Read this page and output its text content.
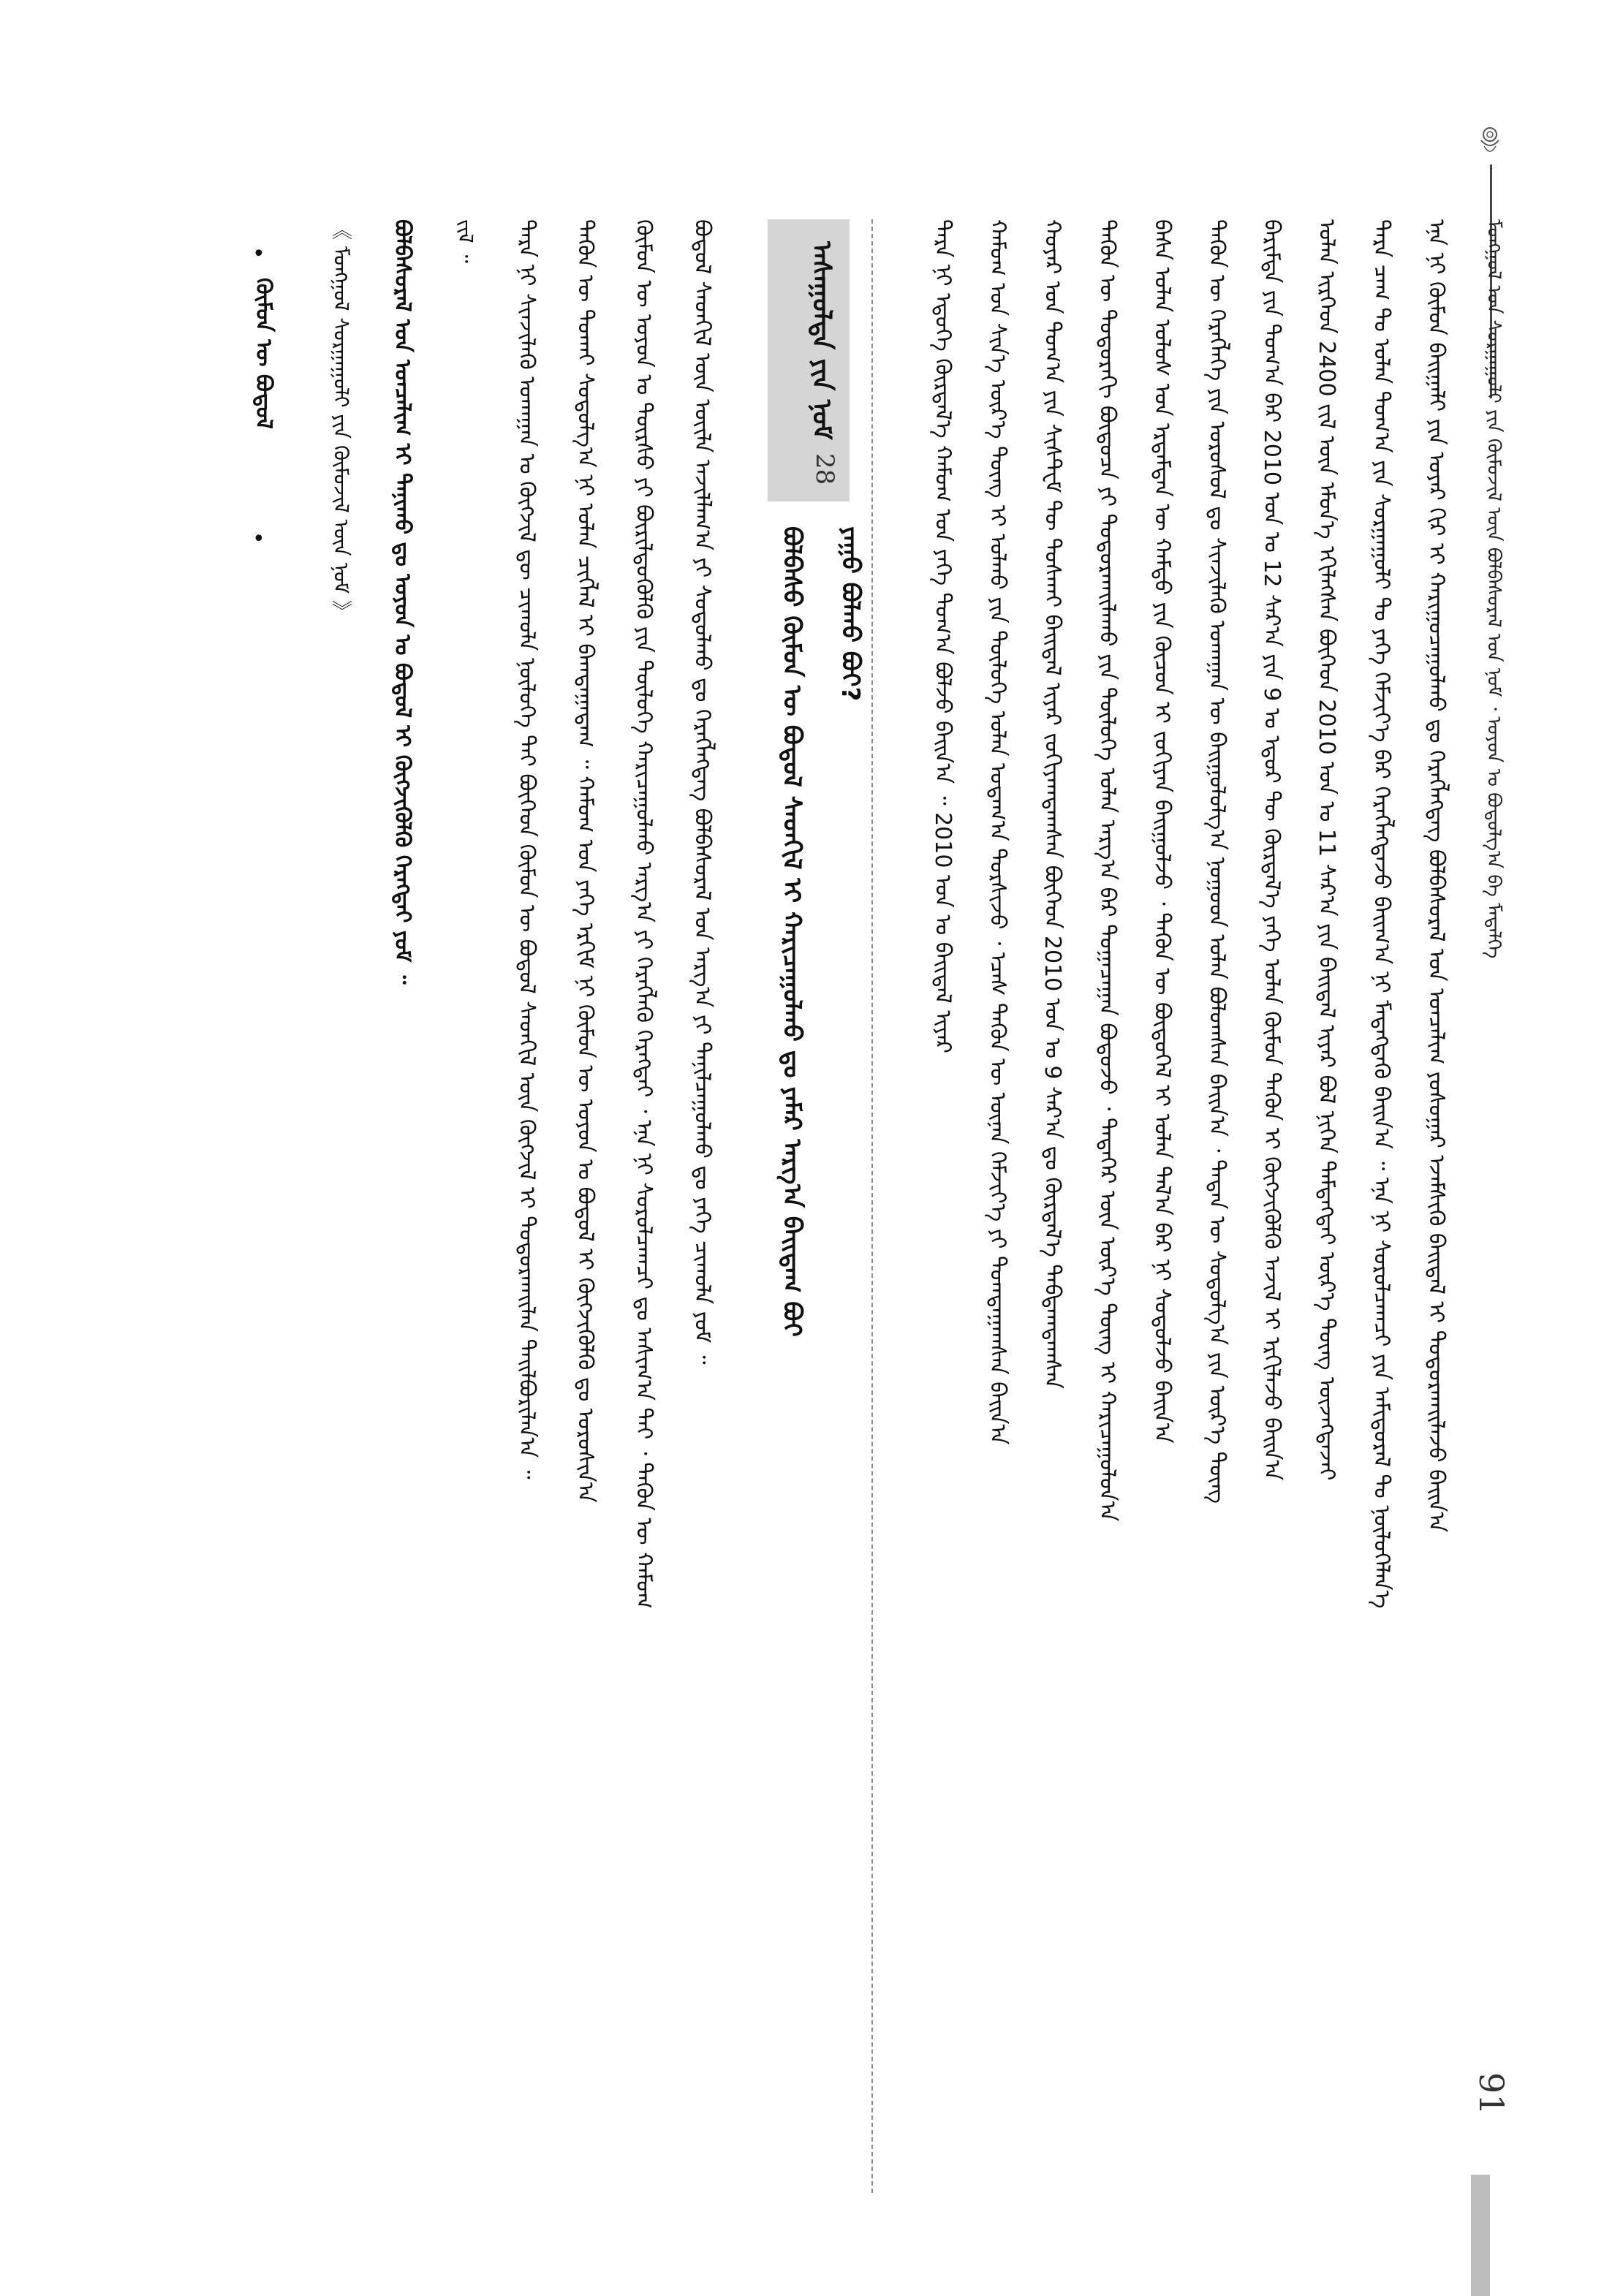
ᠮᠣᠩᠭᠣᠯ ᠤᠨ ᠰᠤᠷᠭᠠᠭᠤᠯᠢ ᠶᠢᠨ ᠬᠦᠮᠦᠵᠢᠯ ᠦᠨ ᠪᠣᠯᠪᠠᠰᠤᠷᠠᠯ ᠤᠨ ᠨᠣᠮ ᠂ ᠣᠶᠤᠨ ᠤ ᠪᠣᠳᠤᠯᠭ᠎ᠠ ᠪᠠ ᠮᠡᠳᠡᠯᠭᠡ
ᠡᠨᠡ ᠨᠢ ᠬᠦᠮᠦᠨ ᠪᠠᠢᠭᠠᠯᠢ ᠶᠢᠨ ᠤᠶᠠᠷ ᠬᠢᠷ ᠢ ᠬᠠᠷᠢᠭᠤᠴᠠᠭᠤᠯᠬᠤ ᠳᠤ ᠬᠡᠷᠡᠭᠯᠡᠭᠳᠡᠭ ᠪᠣᠯᠪᠠᠰᠤᠷᠠᠯ ᠤᠨ ᠣᠨᠴᠠᠯᠢᠭ ᠶᠣᠰᠤᠭᠠᠷ ᠡᠵᠡᠮᠰᠢᠬᠦ ᠪᠠᠢᠳᠠᠯ ᠢ ᠲᠣᠳᠣᠷᠬᠠᠢᠯᠠᠵᠤ ᠪᠠᠢᠨ᠎ᠠ
ᠲᠡᠷᠡ ᠴᠠᠭ ᠲᠤ ᠣᠯᠠᠨ ᠲᠣᠭ᠎ᠠ ᠶᠢᠨ ᠰᠤᠷᠭᠠᠭᠤᠯᠢ ᠲᠤ ᠶᠡᠬᠡ ᠬᠡᠮᠵᠢᠶ᠎ᠡ ᠪᠡᠷ ᠬᠡᠷᠡᠭᠯᠡᠭᠳᠡᠵᠦ ᠪᠠᠢᠭ᠎ᠠ ᠨᠢ ᠮᠡᠳᠡᠭᠳᠡᠬᠦ ᠪᠠᠢᠨ᠎ᠠ ᠃ ᠡᠨᠡ ᠨᠢ ᠰᠤᠷᠤᠯᠴᠠᠭᠴᠢ ᠶᠢᠨ ᠠᠮᠢᠳᠤᠷᠠᠯ ᠲᠤ ᠨᠦᠯᠦᠭᠡᠯᠡᠨ᠎ᠡ
ᠣᠯᠠᠨ ᠢᠷᠭᠡᠳ 2400 ᠵᠢᠯ ᠦᠨ ᠡᠮᠦᠨ᠎ᠡ ᠡᠬᠢᠯᠡᠭᠰᠡᠨ ᠪᠥᠭᠡᠳ 2010 ᠣᠨ ᠤ 11 ᠰᠠᠷ᠎ᠠ ᠶᠢᠨ ᠪᠠᠢᠳᠠᠯ ᠢᠶᠠᠷ ᠪᠣᠯ ᠨᠢᠭᠡᠨ ᠲᠡᠮᠳᠡᠭᠲᠡᠢ ᠦᠷ᠎ᠡ ᠳᠦᠩ ᠦᠵᠡᠭᠳᠡᠵᠡᠢ
ᠪᠠᠷᠢᠮᠲᠠ ᠶᠢᠨ ᠲᠣᠭ᠎ᠠ ᠪᠡᠷ 2010 ᠣᠨ ᠤ 12 ᠰᠠᠷ᠎ᠠ ᠶᠢᠨ 9 ᠤ ᠡᠳᠦᠷ ᠲᠦ ᠬᠦᠷᠲᠡᠯ᠎ᠡ ᠶᠡᠬᠡ ᠣᠯᠠᠨ ᠬᠦᠮᠦᠨ ᠲᠡᠭᠦᠨ ᠢ ᠬᠥᠭᠵᠢᠭᠦᠯᠬᠦ ᠠᠵᠢᠯ ᠢ ᠡᠷᠬᠢᠯᠡᠵᠦ ᠪᠠᠢᠨ᠎ᠠ
ᠲᠡᠭᠦᠨ ᠦ ᠬᠡᠷᠡᠭᠯᠡᠭᠡ ᠶᠢᠨ ᠤᠷᠤᠰᠤᠯ ᠳᠤ ᠰᠢᠨᠵᠢᠯᠡᠬᠦ ᠤᠬᠠᠭᠠᠨ ᠦ ᠪᠠᠢᠭᠤᠯᠤᠯᠭ᠎ᠠ ᠨᠤᠭᠤᠳ ᠣᠯᠠᠨ ᠪᠣᠯᠤᠭᠰᠠᠨ ᠪᠠᠢᠨ᠎ᠠ ᠂ ᠲᠡᠳᠡᠨ ᠦ ᠰᠤᠳᠤᠯᠭ᠎ᠠ ᠶᠢᠨ ᠦᠷ᠎ᠡ ᠳᠦᠩ
ᠪᠠᠰᠠ ᠣᠯᠠᠨ ᠤᠯᠤᠰ ᠤᠨ ᠡᠷᠳᠡᠮᠲᠡᠨ ᠦ ᠬᠠᠮᠲᠤ ᠶᠢᠨ ᠬᠦᠴᠦᠨ ᠢ ᠵᠣᠬᠢᠶᠠᠨ ᠪᠠᠢᠭᠤᠯᠵᠤ ᠂ ᠲᠡᠭᠦᠨ ᠦ ᠪᠦᠲᠦᠭᠡᠯ ᠢ ᠣᠯᠠᠨ ᠲᠠᠯ᠎ᠠ ᠪᠠᠷ ᠨᠢ ᠰᠤᠳᠤᠯᠵᠤ ᠪᠠᠢᠨ᠎ᠠ
ᠲᠡᠭᠦᠨ ᠦ ᠳᠣᠲᠣᠷᠠᠬᠢ ᠪᠦᠲᠦᠴᠡ ᠶᠢ ᠲᠣᠳᠣᠷᠬᠠᠢᠯᠠᠬᠤ ᠶᠢᠨ ᠲᠥᠯᠦᠭᠡ ᠣᠯᠠᠨ ᠠᠷᠭ᠎ᠠ ᠪᠠᠷ ᠲᠣᠭᠠᠴᠠᠭᠠᠨ ᠪᠣᠳᠣᠵᠤ ᠂ ᠲᠡᠳᠡᠭᠡᠷ ᠦᠨ ᠦᠷ᠎ᠡ ᠳᠦᠩ ᠢ ᠬᠠᠷᠢᠴᠠᠭᠤᠯᠤᠨ᠎ᠠ
ᠬᠣᠶᠠᠷ ᠤᠨ ᠲᠣᠭ᠎ᠠ ᠶᠢᠨ ᠰᠢᠰᠲ᠋ᠧᠮ ᠲᠦ ᠲᠤᠰᠬᠠᠢ ᠪᠠᠢᠳᠠᠯ ᠢᠶᠠᠷ ᠵᠣᠬᠢᠶᠠᠭᠳᠠᠭᠰᠠᠨ ᠪᠥᠭᠡᠳ 2010 ᠣᠨ ᠤ 9 ᠰᠠᠷ᠎ᠠ ᠳᠤ ᠬᠦᠷᠲᠡᠯ᠎ᠡ ᠳᠠᠪᠲᠠᠭᠳᠠᠭᠰᠠᠨ
ᠬᠠᠮᠤᠭ ᠤᠨ ᠰᠢᠨ᠎ᠡ ᠦᠷ᠎ᠡ ᠳᠦᠩ ᠢ ᠣᠯᠬᠤ ᠶᠢᠨ ᠲᠥᠯᠦᠭᠡ ᠣᠯᠠᠨ ᠤᠳᠠᠭ᠎ᠠ ᠲᠤᠷᠰᠢᠵᠤ ᠂ ᠡᠴᠡᠰ ᠲᠡᠭᠦᠨ ᠦ ᠦᠨᠡᠨ ᠬᠡᠮᠵᠢᠶ᠎ᠡ ᠶᠢ ᠲᠣᠭᠲᠠᠭᠠᠭᠰᠠᠨ ᠪᠠᠢᠨ᠎ᠠ
ᠲᠡᠷᠡ ᠨᠢ ᠡᠳᠦᠭᠡ ᠬᠦᠷᠲᠡᠯ᠎ᠡ ᠬᠠᠮᠤᠭ ᠤᠨ ᠶᠡᠬᠡ ᠲᠣᠭ᠎ᠠ ᠪᠣᠯᠵᠤ ᠪᠠᠢᠨ᠎ᠠ ᠃ 2010 ᠣᠨ ᠤ ᠪᠠᠢᠳᠠᠯ ᠢᠶᠠᠷ
ᠠᠰᠠᠭᠤᠯᠲᠠ ᠶᠢᠨ ᠨᠣᠮ
28
ᠪᠣᠯᠪᠠᠰᠤ ᠬᠦᠮᠦᠨ ᠦ ᠪᠣᠳᠣᠯ ᠰᠡᠳᠬᠢᠯ ᠢ ᠬᠠᠷᠢᠴᠠᠭᠤᠯᠬᠤ ᠳᠤ ᠶᠠᠮᠠᠷ ᠠᠷᠭ᠎ᠠ ᠪᠠᠢᠳᠠᠭ ᠪᠤᠢ	ᠶᠠᠭᠤ ᠪᠣᠯᠬᠤ ᠪᠤᠢ?
ᠪᠣᠳᠣᠯ ᠰᠡᠳᠬᠢᠯ ᠦᠨ ᠦᠢᠯᠡ ᠠᠵᠢᠯᠯᠠᠭ᠎ᠠ ᠶᠢ ᠰᠤᠳᠤᠯᠬᠤ ᠳᠤ ᠬᠡᠷᠡᠭᠯᠡᠭᠳᠡᠭ ᠪᠣᠯᠪᠠᠰᠤᠷᠠᠯ ᠤᠨ ᠠᠷᠭ᠎ᠠ ᠶᠢ ᠲᠠᠨᠢᠯᠴᠠᠭᠤᠯᠬᠤ ᠳᠤ ᠶᠡᠬᠡ ᠴᠢᠬᠤᠯᠠ ᠶᠤᠮ ᠃
ᠬᠦᠮᠦᠨ ᠦ ᠣᠶᠤᠨ ᠤ ᠳᠦᠷᠰᠦ ᠶᠢ ᠪᠦᠷᠢᠯᠳᠦᠭᠦᠯᠬᠦ ᠶᠢᠨ ᠲᠥᠯᠦᠭᠡ ᠬᠠᠷᠢᠴᠠᠭᠤᠯᠬᠤ ᠠᠷᠭ᠎ᠠ ᠶᠢ ᠬᠡᠷᠡᠭᠯᠡᠬᠦ ᠬᠡᠷᠡᠭᠲᠡᠢ ᠂ ᠡᠨᠡ ᠨᠢ ᠰᠤᠷᠤᠯᠴᠠᠭᠴᠢ ᠳᠤ ᠠᠰᠢᠭ᠎ᠠ ᠲᠠᠢ ᠂ ᠲᠡᠭᠦᠨ ᠦ ᠬᠠᠮᠤᠭ
ᠲᠡᠭᠦᠨ ᠦ ᠲᠤᠬᠠᠢ ᠰᠤᠳᠤᠯᠭ᠎ᠠ ᠨᠢ ᠣᠯᠠᠨ ᠴᠢᠭᠯᠡᠯ ᠢ ᠪᠠᠭᠳᠠᠭᠠᠳᠠᠭ ᠃ ᠬᠠᠮᠤᠭ ᠤᠨ ᠶᠡᠬᠡ ᠡᠷᠬᠢᠮ ᠨᠢ ᠬᠦᠮᠦᠨ ᠦ ᠣᠶᠤᠨ ᠤ ᠪᠣᠳᠣᠯ ᠢ ᠬᠥᠭᠵᠢᠭᠦᠯᠬᠦ ᠳᠤ ᠣᠷᠣᠰᠢᠨ᠎ᠠ
ᠲᠡᠷᠡ ᠨᠢ ᠰᠢᠨᠵᠢᠯᠡᠬᠦ ᠤᠬᠠᠭᠠᠨ ᠤ ᠬᠥᠭᠵᠢᠯ ᠳᠦ ᠴᠢᠬᠤᠯᠠ ᠨᠥᠯᠦᠭᠡ ᠲᠠᠢ ᠪᠥᠭᠡᠳ ᠬᠦᠮᠦᠨ ᠦ ᠪᠣᠳᠣᠯ ᠰᠡᠳᠬᠢᠯ ᠦᠨ ᠬᠥᠭᠵᠢᠯ ᠢ ᠲᠣᠳᠣᠷᠬᠠᠢᠯᠠᠨ ᠲᠠᠢᠯᠪᠤᠷᠢᠯᠠᠨ᠎ᠠ ᠃
ᠵᠢᠯ ᠃
ᠪᠣᠯᠪᠠᠰᠤᠷᠠᠯ ᠤᠨ ᠣᠨᠴᠠᠯᠢᠭ ᠢ ᠲᠠᠨᠢᠬᠤ ᠳᠤ ᠣᠶᠤᠨ ᠤ ᠪᠣᠳᠣᠯ ᠢ ᠬᠥᠭᠵᠢᠭᠦᠯᠬᠦ ᠬᠡᠷᠡᠭᠲᠡᠢ ᠶᠤᠮ ᠃
《 ᠮᠣᠩᠭᠣᠯ ᠰᠤᠷᠭᠠᠭᠤᠯᠢ ᠶᠢᠨ ᠬᠦᠮᠦᠵᠢᠯ ᠦᠨ ᠨᠣᠮ 》
•
ᠬᠦᠮᠦᠨ ᠦ ᠪᠣᠳᠣᠯ
•
91
